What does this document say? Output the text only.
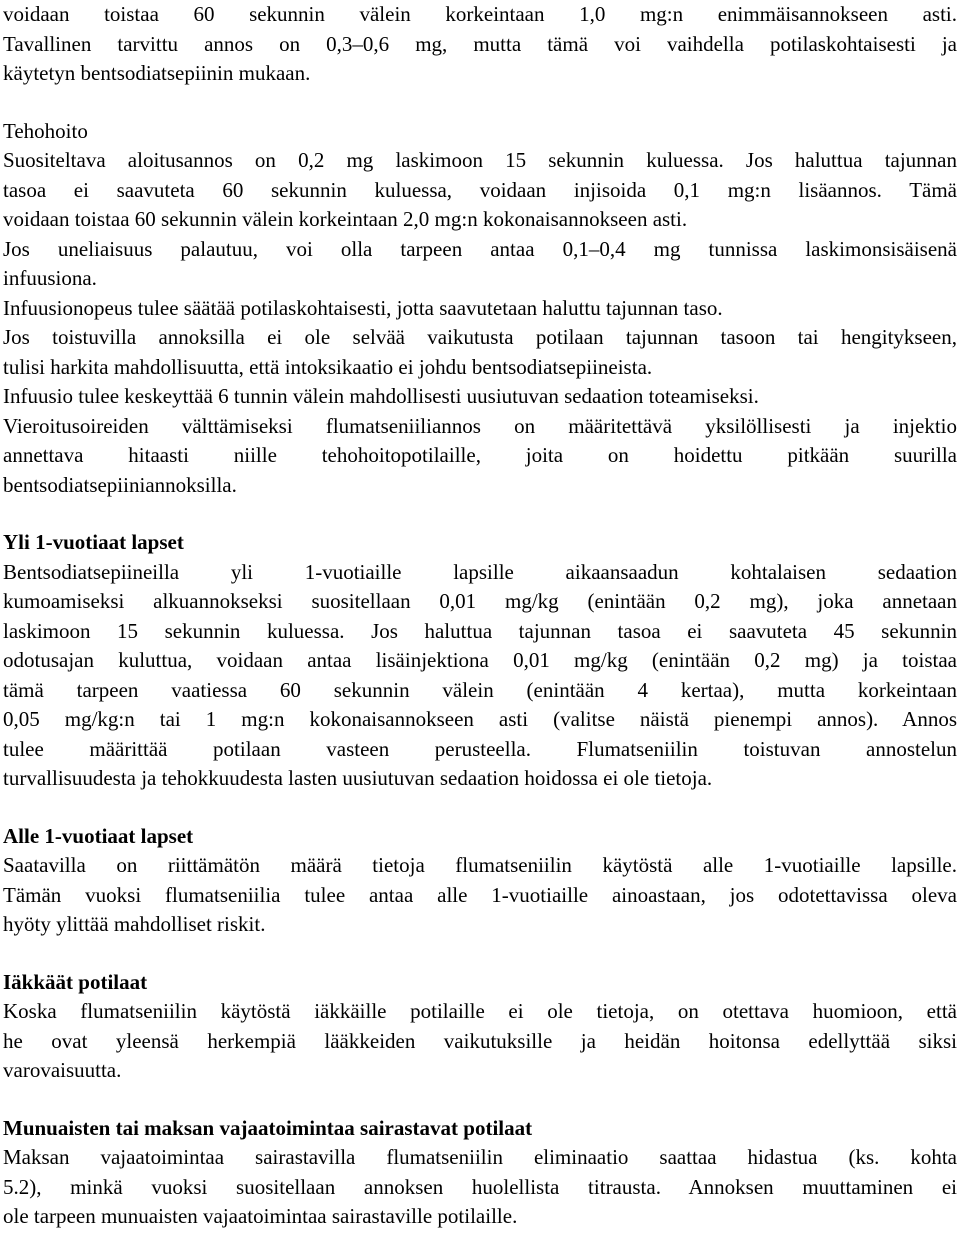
voidaan toistaa 60 sekunnin välein korkeintaan 1,0 mg:n enimmäisannokseen asti.
Tavallinen tarvittu annos on 0,3–0,6 mg, mutta tämä voi vaihdella potilaskohtaisesti ja
käytetyn bentsodiatsepiinin mukaan.
Tehohoito
Suositeltava aloitusannos on 0,2 mg laskimoon 15 sekunnin kuluessa. Jos haluttua tajunnan
tasoa ei saavuteta 60 sekunnin kuluessa, voidaan injisoida 0,1 mg:n lisäannos. Tämä
voidaan toistaa 60 sekunnin välein korkeintaan 2,0 mg:n kokonaisannokseen asti.
Jos uneliaisuus palautuu, voi olla tarpeen antaa 0,1–0,4 mg tunnissa laskimonsisäisenä
infuusiona.
Infuusionopeus tulee säätää potilaskohtaisesti, jotta saavutetaan haluttu tajunnan taso.
Jos toistuvilla annoksilla ei ole selvää vaikutusta potilaan tajunnan tasoon tai hengitykseen,
tulisi harkita mahdollisuutta, että intoksikaatio ei johdu bentsodiatsepiineista.
Infuusio tulee keskeyttää 6 tunnin välein mahdollisesti uusiutuvan sedaation toteamiseksi.
Vieroitusoireiden välttämiseksi flumatseniiliannos on määritettävä yksilöllisesti ja injektio
annettava hitaasti niille tehohoitopotilaille, joita on hoidettu pitkään suurilla
bentsodiatsepiiniannoksilla.
Yli 1-vuotiaat lapset
Bentsodiatsepiineilla yli 1-vuotiaille lapsille aikaansaadun kohtalaisen sedaation
kumoamiseksi alkuannokseksi suositellaan 0,01 mg/kg (enintään 0,2 mg), joka annetaan
laskimoon 15 sekunnin kuluessa. Jos haluttua tajunnan tasoa ei saavuteta 45 sekunnin
odotusajan kuluttua, voidaan antaa lisäinjektiona 0,01 mg/kg (enintään 0,2 mg) ja toistaa
tämä tarpeen vaatiessa 60 sekunnin välein (enintään 4 kertaa), mutta korkeintaan
0,05 mg/kg:n tai 1 mg:n kokonaisannokseen asti (valitse näistä pienempi annos). Annos
tulee määrittää potilaan vasteen perusteella. Flumatseniilin toistuvan annostelun
turvallisuudesta ja tehokkuudesta lasten uusiutuvan sedaation hoidossa ei ole tietoja.
Alle 1-vuotiaat lapset
Saatavilla on riittämätön määrä tietoja flumatseniilin käytöstä alle 1-vuotiaille lapsille.
Tämän vuoksi flumatseniilia tulee antaa alle 1-vuotiaille ainoastaan, jos odotettavissa oleva
hyöty ylittää mahdolliset riskit.
Iäkkäät potilaat
Koska flumatseniilin käytöstä iäkkäille potilaille ei ole tietoja, on otettava huomioon, että
he ovat yleensä herkempiä lääkkeiden vaikutuksille ja heidän hoitonsa edellyttää siksi
varovaisuutta.
Munuaisten tai maksan vajaatoimintaa sairastavat potilaat
Maksan vajaatoimintaa sairastavilla flumatseniilin eliminaatio saattaa hidastua (ks. kohta
5.2), minkä vuoksi suositellaan annoksen huolellista titrausta. Annoksen muuttaminen ei
ole tarpeen munuaisten vajaatoimintaa sairastaville potilaille.
